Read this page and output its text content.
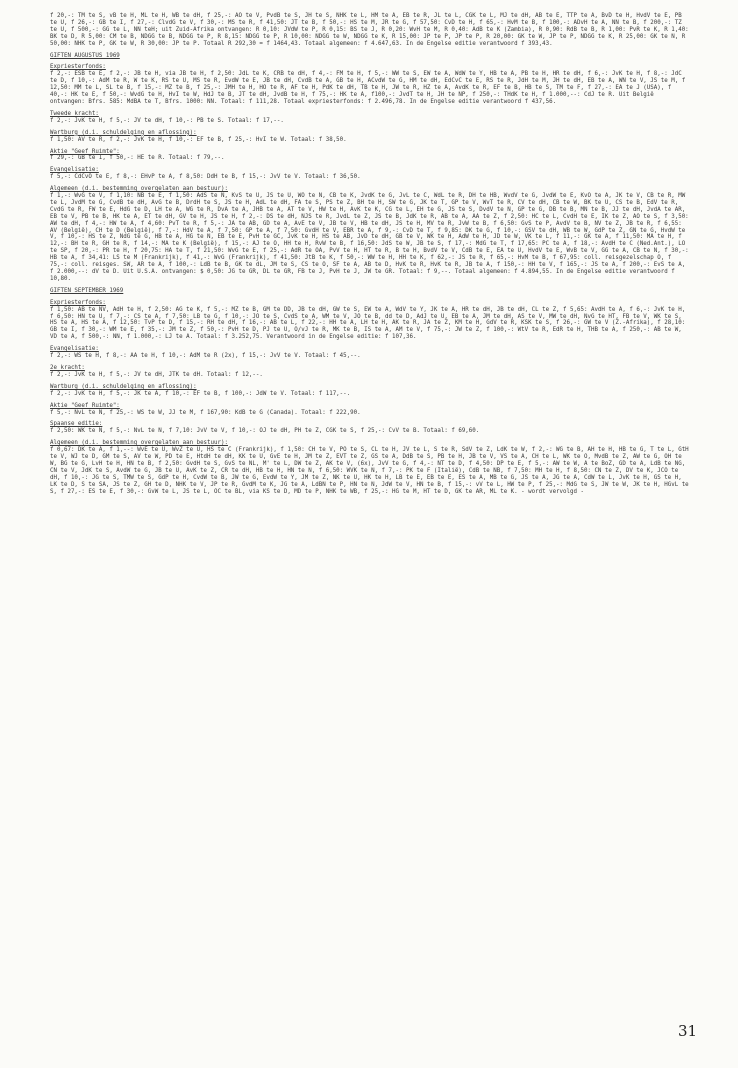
f 20,-: TM te S, vB te H, ML te H, WB te dH, f 25,-: AO te V, PvdB te S, JH te S, NHK te L, HM te A, EB te R, JL te L, CGK te L, MJ te dH, AB te E, TTP te A, BvD te H, HvdV te E, PB te U, f 26,-: GB te I, f 27,-: ClvdG te V, f 30,-: MS te R, f 41,50: JT te B, f 50,-: HS te M, JR te G, f 57,50: CvD te H, f 65,-: HvM te B, f 100,-: ADvH te A, NN te B, f 200,-: TZ te U, f 500,-: GG te L, NN teH; uit Zuid-Afrika ontvangen: R 0,10: JVdW te P, R 0,15: BS te J, R 0,20: WvH te M, R 0,40: AdB te K (Zambia), R 0,90: RdB te B, R 1,00: PvR te K, R 1,40: BK te D, R 5,00: CM te B, NDGG te B, NDGG te P, R 8,15: NDGG te P, R 10,00: NDGG te W, NDGG te K, R 15,00: JP te P, JP te P, R 20,00: GK te W, JP te P, NDGG te K, R 25,00: GK te N, R 50,00: NHK te P, GK te W, R 30,00: JP te P. Totaal R 292,30 = f 1464,43. Totaal algemeen: f 4.647,63. In de Engelse editie verantwoord f 393,43.

GIFTEN AUGUSTUS 1969
Expriesterfonds:

f 2,-: ESB te E, f 2,-: JB te H, via JB te H, f 2,50: JdL te K, CRB te dH, f 4,-: FM te H, f 5,-: WW te S, EW te A, WdW te Y, HB te A, PB te H, HR te dH, f 6,-: JvK te H, f 8,-: JdC te D, f 10,-: AdM te R, W te K, RS te U, MS te R, EvdW te E, JB te dH, CvdB te A, GB te H, ACvdW te G, HM te dH, EdCvC te E, RS te R, JdH te M, JH te dH, EB te A, WN te V, JS te M, f 12,50: MM te L, SL te B, f 15,-: MZ te B, f 25,-: JMH te H, HO te R, AF te H, PdK te dH, TB te H, JW te R, HZ te A, AvdK te R, EF te B, HB te S, TM te F, f 27,-: EA te J (USA), f 40,-: HK te E, f 50,-: WvdG te H, HvI te W, HdJ te B, JT te dH, JvdB te H, f 75,-: HK te A, f100,-: JvdT te H, JH te NP, f 250,-: THdK te H, f 1.000,--: CdJ te R. Uit België ontvangen: Bfrs. 585: MdBA te T, Bfrs. 1000: NN. Totaal: f 111,28. Totaal expriesterfonds: f 2.496,78. In de Engelse editie verantwoord f 437,56.

Tweede kracht:

f 2,-: JvK te H, f 5,-: JV te dH, f 10,-: PB te S. Totaal: f 17,--.

Wartburg (d.i. schuldelging en aflossing):

f 1,50: AV te R, f 2,-: JvK te H, f 10,-: EF te B, f 25,-: HvI te W. Totaal: f 38,50.

Aktie "Geef Ruimte":

f 29,-: GB te I, f 50,-: HE te R. Totaal: f 79,--.

Evangelisatie:

f 5,-: CdCvO te E, f 8,-: EHvP te A, f 8,50: DdH te B, f 15,-: JvV te V. Totaal: f 36,50.

Algemeen (d.i. bestemming overgelaten aan bestuur):

f 1,-: WvG te V, f 1,10: NB te E, f 1,50: AdS te N, KvS te U, JS te U, WO te N, CB te K, JvdK te G, JvL te C, WdL te R, DH te HB, WvdV te G, JvdW te E, KvO te A, JK te V, CB te R, MW te L, JvdM te G, CvdB te dH, AvG te B, DrdH te S, JS te H, AdL te dH, FA te S, PS te Z, BH te H, SW te G, JK te T, GP te V, WvT te R, CV te dH, CB te W, BK te U, CS te B, EdV te R, CvdG te R, FW te E, HdG te D, LH te A, WG te R, DvA te A, JHB te A, AT te V, HW te H, AvK te K, CG te L, EH te G, JS te S, DvdV te N, GP te G, DB te B, MN te B, JJ te dH, JvdA te AR, EB te V, PB te B, HK te A, ET te dH, GV te H, JS te H, f 2,-: DS te dH, NJS te R, JvdL te Z, JS te B, JdK te R, AB te A, AA te Z, f 2,50: HC te L, CvdH te E, IK te Z, AO te S, f 3,50: AW te dH, f 4,-: HW te A, f 4,60: PvT te R, f 5,-: JA te AB, GD te A, AvE te V, JB te V, HB te dH, JS te H, MV te R, JvW te B, f 6,50: GvS te P, AvdV te B, NV te Z, JB te R, f 6,55: AV (België), CH te D (België), f 7,-: HdV te A, f 7,50: GP te A, f 7,50: GvdH te V, EBR te A, f 9,-: CvD te T, f 9,85: DK te G, f 10,-: GSV te dH, WB te W, GdP te Z, GN te G, HvdW te V, f 10,-: HS te Z, NdG te G, HB te A, HG te N, EB te E, PvH te GC, JvK te H, HS te AB, JvD te dH, GB te V, WK te H, AdW te H, JD te W, VK te L, f 11,-: GK te A, f 11,50: MA te H, f 12,-: BH te R, GH te R, f 14,-: MA te K (België), f 15,-: AJ te O, HH te H, RvW te B, f 16,50: JdS te W, JB te S, f 17,-: MdG te T, f 17,65: PC te A, f 18,-: AvdH te C (Ned.Ant.), LO te SP, f 20,-: PR te H, f 20,75: HA te T, f 21,50: WvG te E, f 25,-: AdR te OA, PvV te H, HT te R, B te H, BvdV te V, CdB te E, EA te U, HvdV te E, WvB te V, GG te A, CB te N, f 30,-: HB te A, f 34,41: LS te M (Frankrijk), f 41,-: WvG (Frankrijk), f 41,50: JtB te K, f 50,-: WW te H, HH te K, f 62,-: JS te R, f 65,-: HvM te B, f 67,95: coll. reisgezelschap O, f 75,-: coll. reisges. SW, AR te A, f 100,-: LdB te B, GK te dL, JM te S, CS te O, SF te A, AB te D, HvK te R, HvK te R, JB te A, f 150,-: HH te V, f 165,-: JS te A, f 200,-: EvS te A, f 2.000,--: dV te D. Uit U.S.A. ontvangen: $ 0,50: JG te GR, DL te GR, FB te J, PvH te J, JW te GR. Totaal: f 9,--. Totaal algemeen: f 4.894,55. In de Engelse editie verantwoord f 10,80.

GIFTEN SEPTEMBER 1969
Expriesterfonds:

f 1,50: AB te NV, AdH te H, f 2,50: AG te K, f 5,-: MZ te B, GM te DD, JB te dH, GW te S, EW te A, WdV te Y, JK te A, HR te dH, JB te dH, CL te Z, f 5,65: AvdH te A, f 6,-: JvK te H, f 6,50: HN te U, f 7,-: CS te A, f 7,50: LB te G, f 10,-: JO te S, CvdS te A, WM te V, JO te B, dd te D, AdJ te U, EB te A, JM te dH, AS te V, MW te dH, NvG te HT, FB te V, WK te S, HS te A, HS te A, f 12,50: TvP te D, f 15,-: RH te dH, f 16,-: AB te L, f 22,-: HH te A, LH te H, AK te R, JA te Z, KM te H, GdV te R, KSK te S, f 26,-: GW te V (Z.-Afrika), f 28,10: GB te I, f 30,-: WM te E, f 35,-: JM te Z, f 50,-: PvH te D, PJ te U, O/vJ te R, MK te B, IS te A, AM te V, f 75,-: JW te Z, f 100,-: WtV te R, EdR te H, THB te A, f 250,-: AB te W, VD te A, f 500,-: NN, f 1.000,-: LJ te A. Totaal: f 3.252,75. Verantwoord in de Engelse editie: f 107,36.

Evangelisatie:

f 2,-: WS te H, f 8,-: AA te H, f 10,-: AdM te R (2x), f 15,-: JvV te V. Totaal: f 45,--.

2e kracht:

f 2,-: JvK te H, f 5,-: JV te dH, JTK te dH. Totaal: f 12,--.

Wartburg (d.i. schuldelging en aflossing):

f 2,-: JvK te H, f 5,-: JK te A, f 10,-: EF te B, f 100,-: JdW te V. Totaal: f 117,--.

Aktie "Geef Ruimte":

f 5,-: NvL te N, f 25,-: WS te W, JJ te M, f 167,90: KdB te G (Canada). Totaal: f 222,90.

Spaanse editie:

f 2,50: WK te N, f 5,-: NvL te N, f 7,10: JvV te V, f 10,-: OJ te dH, PH te Z, CGK te S, f 25,-: CvV te B. Totaal: f 69,60.

Algemeen (d.i. bestemming overgelaten aan bestuur):

f 0,67: DK te A, f 1,--: WvE te U, WvZ te U, HS te C (Frankrijk), f 1,50: CH te V, PO te S, CL te H, JV te L, S te R, SdV te Z, LdK te W, f 2,-: WG te B, AH te H, HB te G, T te L, GtH te V, WJ te D, GM te S, AV te W, PD te E, HtdH te dH, KK te U, GvE te H, JM te Z, EVT te Z, GS te A, DdB te S, PB te H, JB te V, VS te A, CH te L, WK te O, MvdB te Z, AW te G, OH te W, BG te G, LvH te H, HN te B, f 2,50: GvdH te S, GvS te NL, M' te L, DW te Z, AK te V, (6x), JvV te G, f 4,-: NT te D, f 4,50: DP te E, f 5,-: AW te W, A te BoZ, GD te A, LdB te NG, CN te V, JdK te S, AvdW te G, JB te U, AvK te Z, CR te dH, HB te H, HN te N, f 6,50: WVK te N, f 7,-: PK te F (Italië), CdB te NB, f 7,50: MH te H, f 8,50: CN te Z, DV te K, JCO te dH, f 10,-: JG te S, TMW te S, GdP te H, CvdW te B, JW te G, EvdW te Y, JM te Z, NK te U, HK te H, LB te E, EB te E, ES te A, MB te G, JS te A, JG te A, CdW te L, JvK te H, GS te H, LK te D, S te SA, JS te Z, GH te D, NHK te V, JP te R, GvdM te K, JG te A, LdBN te P, HN te N, JdW te V, HN te B, f 15,-: vV te L, HW te P, f 25,-: MdG te S, JW te W, JK te H, HGvL te S, f 27,-: ES te E, f 30,-: GvW te L, JS te L, OC te BL, via KS te D, MD te P, NHK te WB, f 25,-: HG te M, HT te D, GK te AR, ML te K. - wordt vervolgd -

31
